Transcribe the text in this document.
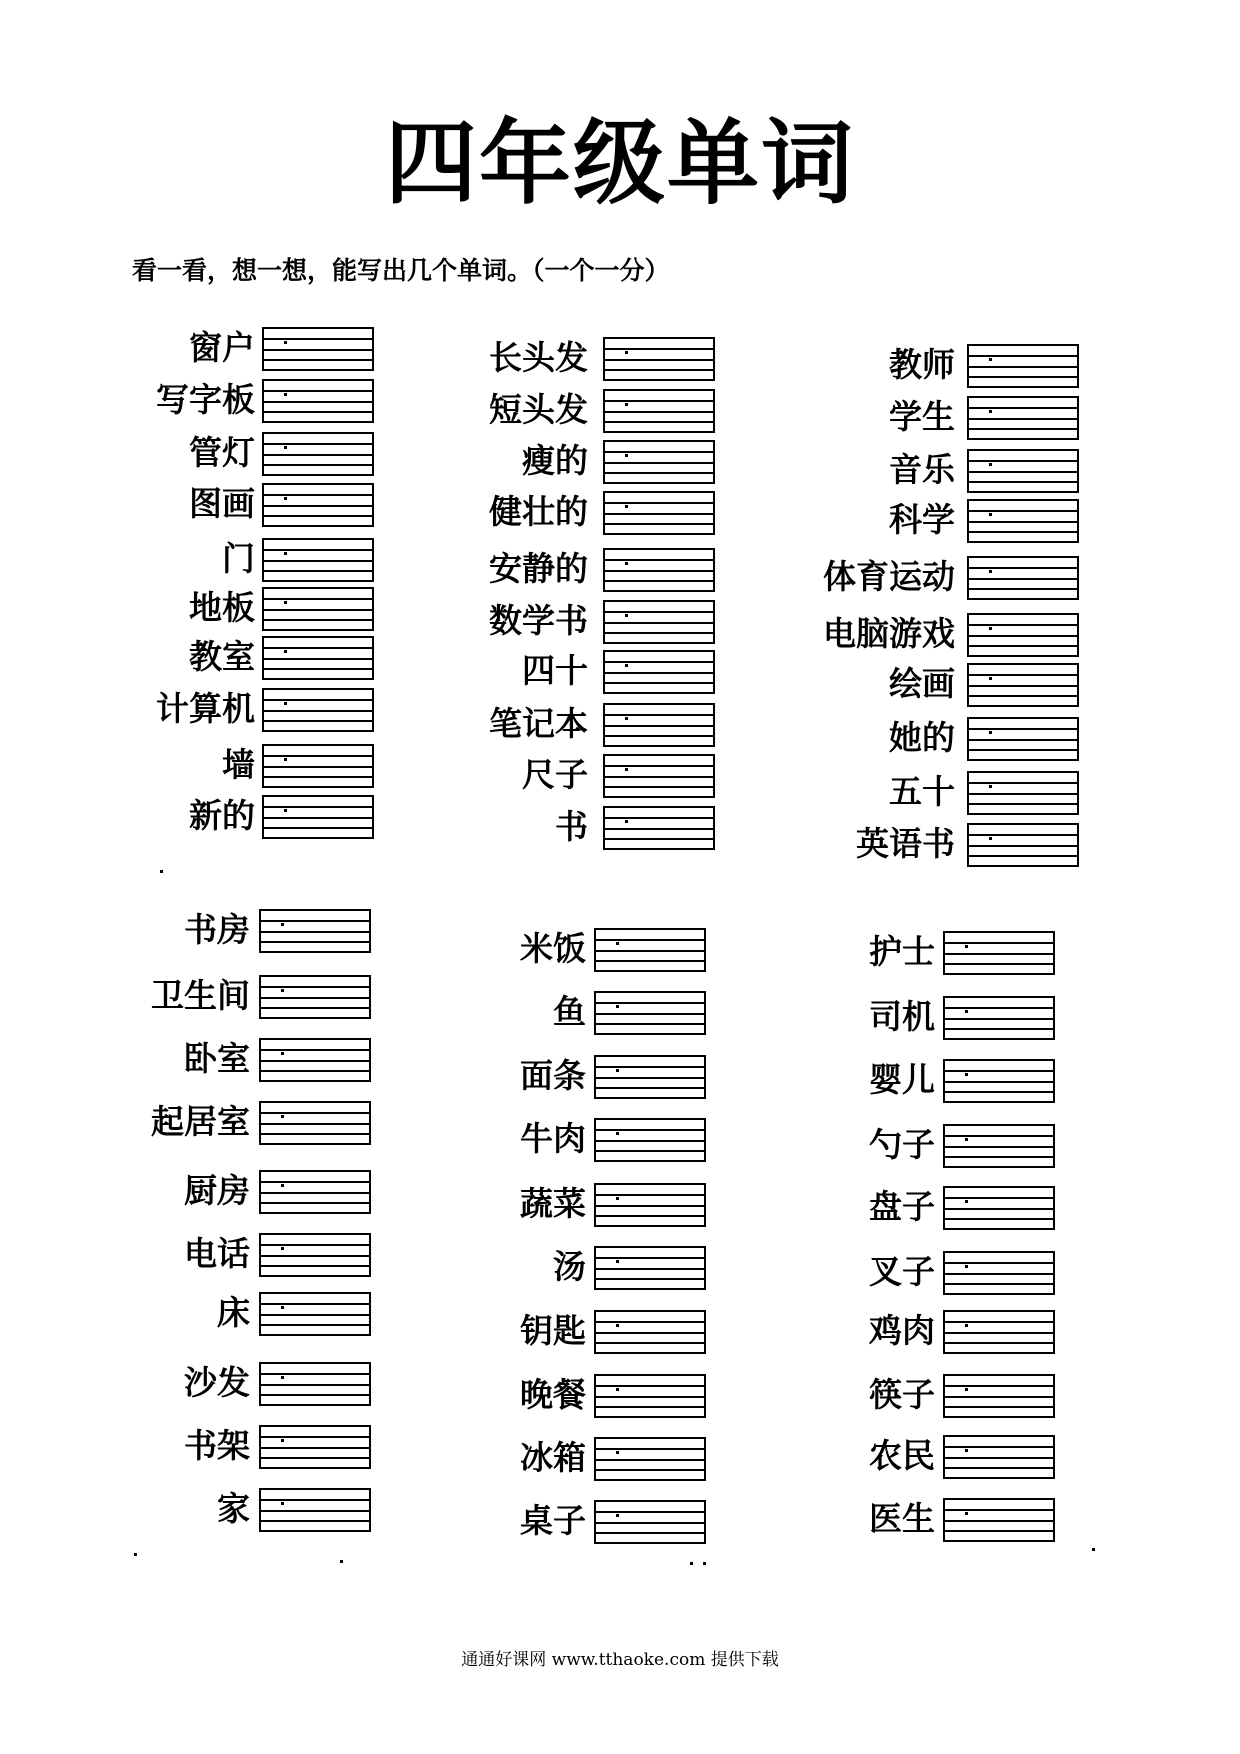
四年级单词
看一看，想一想，能写出几个单词。（一个一分）
窗户
写字板
管灯
图画
门
地板
教室
计算机
墙
新的
长头发
短头发
瘦的
健壮的
安静的
数学书
四十
笔记本
尺子
书
教师
学生
音乐
科学
体育运动
电脑游戏
绘画
她的
五十
英语书
书房
卫生间
卧室
起居室
厨房
电话
床
沙发
书架
家
米饭
鱼
面条
牛肉
蔬菜
汤
钥匙
晚餐
冰箱
桌子
护士
司机
婴儿
勺子
盘子
叉子
鸡肉
筷子
农民
医生
通通好课网 www.tthaoke.com 提供下载
